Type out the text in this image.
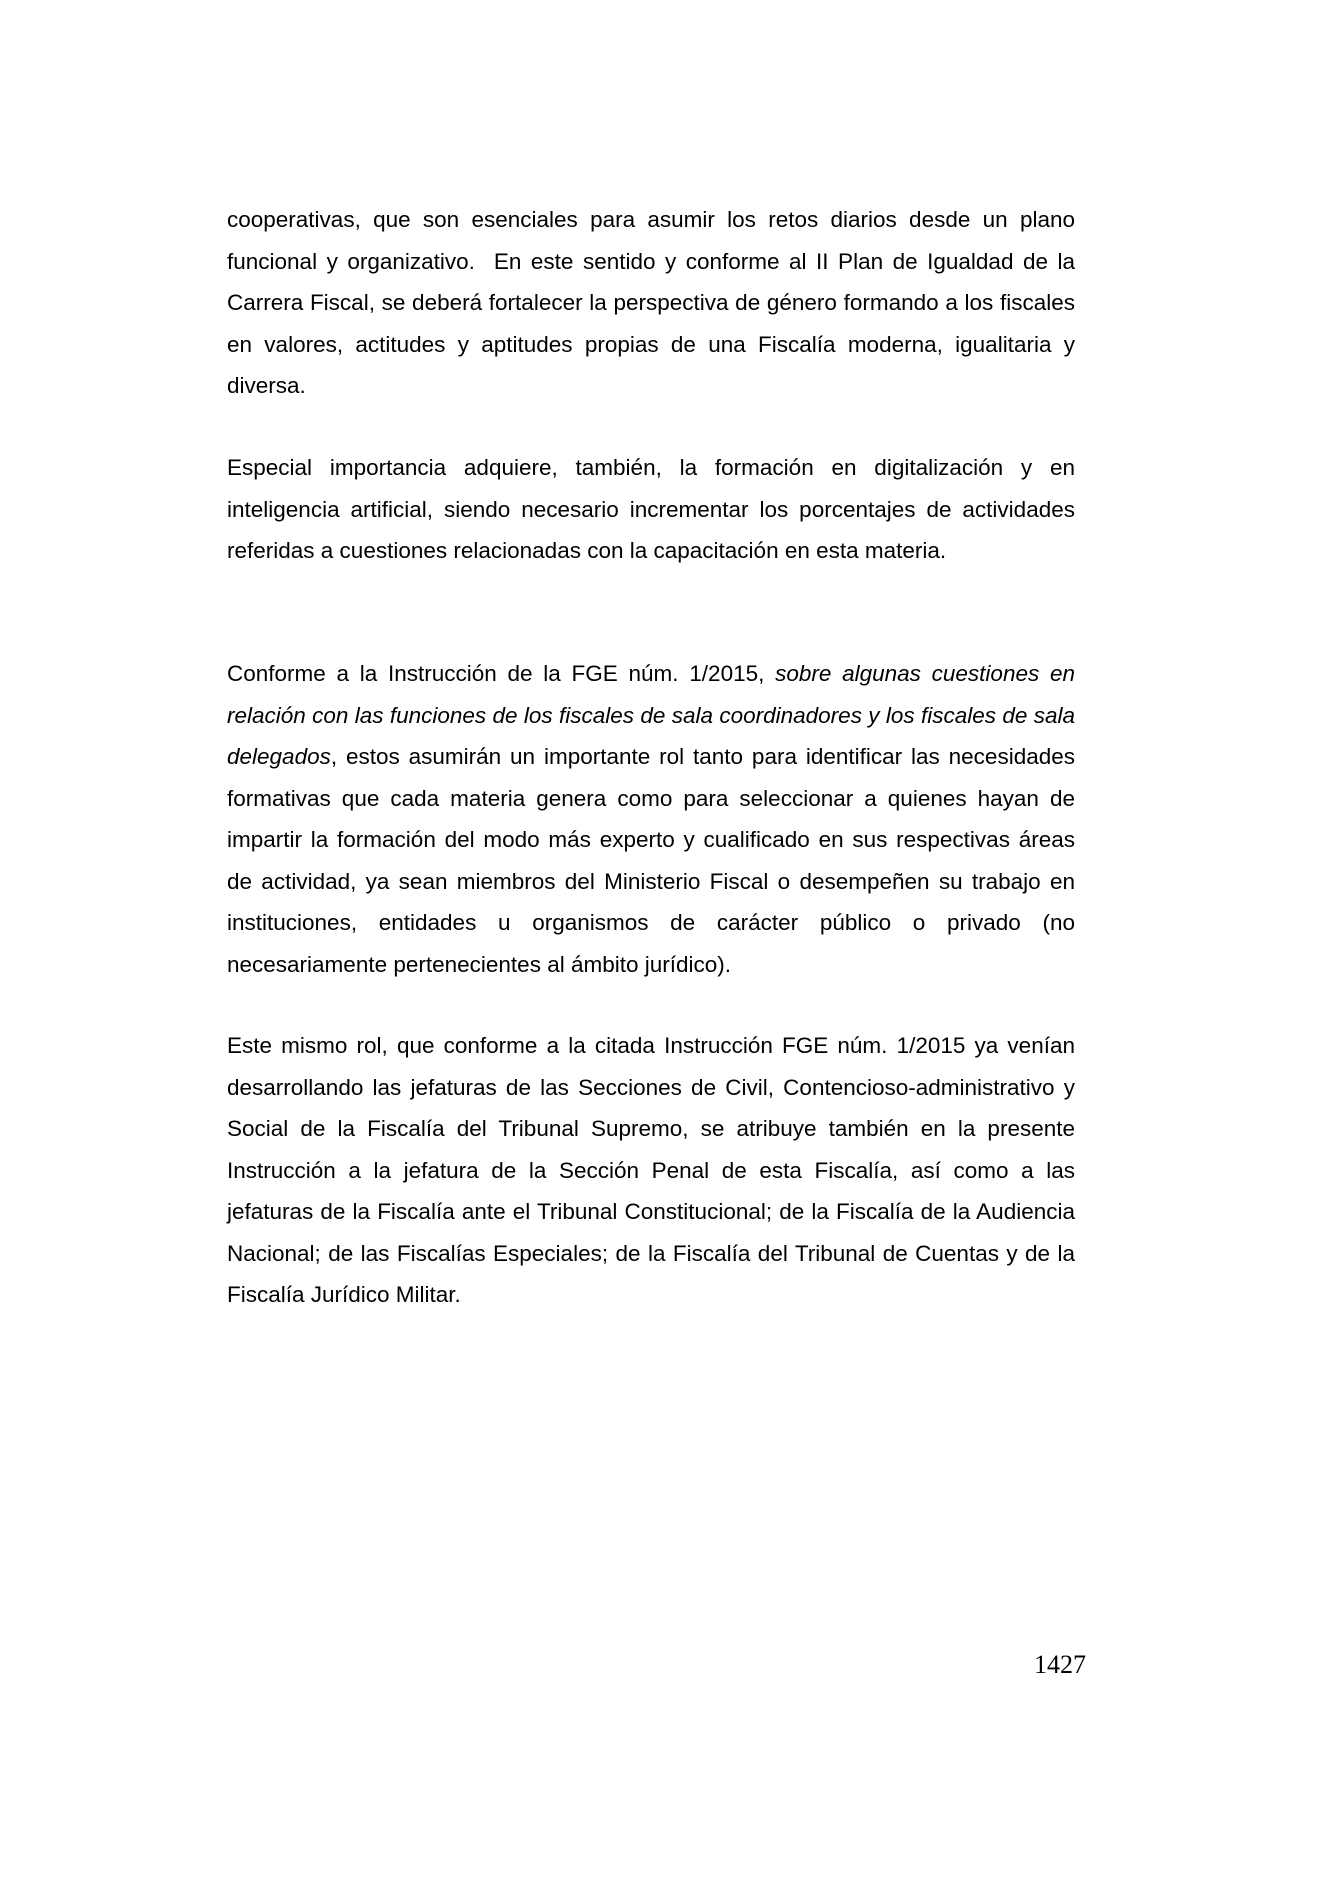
cooperativas, que son esenciales para asumir los retos diarios desde un plano funcional y organizativo.  En este sentido y conforme al II Plan de Igualdad de la Carrera Fiscal, se deberá fortalecer la perspectiva de género formando a los fiscales en valores, actitudes y aptitudes propias de una Fiscalía moderna, igualitaria y diversa.

Especial importancia adquiere, también, la formación en digitalización y en inteligencia artificial, siendo necesario incrementar los porcentajes de actividades referidas a cuestiones relacionadas con la capacitación en esta materia.

Conforme a la Instrucción de la FGE núm. 1/2015, sobre algunas cuestiones en relación con las funciones de los fiscales de sala coordinadores y los fiscales de sala delegados, estos asumirán un importante rol tanto para identificar las necesidades formativas que cada materia genera como para seleccionar a quienes hayan de impartir la formación del modo más experto y cualificado en sus respectivas áreas de actividad, ya sean miembros del Ministerio Fiscal o desempeñen su trabajo en instituciones, entidades u organismos de carácter público o privado (no necesariamente pertenecientes al ámbito jurídico).

Este mismo rol, que conforme a la citada Instrucción FGE núm. 1/2015 ya venían desarrollando las jefaturas de las Secciones de Civil, Contencioso-administrativo y Social de la Fiscalía del Tribunal Supremo, se atribuye también en la presente Instrucción a la jefatura de la Sección Penal de esta Fiscalía, así como a las jefaturas de la Fiscalía ante el Tribunal Constitucional; de la Fiscalía de la Audiencia Nacional; de las Fiscalías Especiales; de la Fiscalía del Tribunal de Cuentas y de la Fiscalía Jurídico Militar.

1427
